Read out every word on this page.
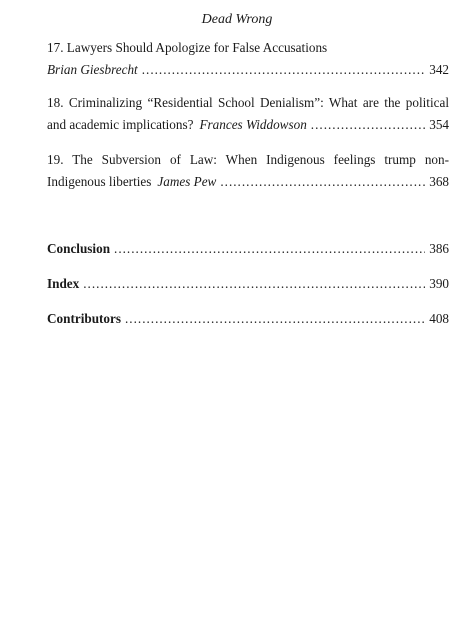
Dead Wrong
17. Lawyers Should Apologize for False Accusations
Brian Giesbrecht .....	342
18. Criminalizing “Residential School Denialism”: What are the political
and academic implications? Frances Widdowson .....	354
19. The Subversion of Law: When Indigenous feelings trump non-
Indigenous liberties James Pew .....	368
Conclusion .....	386
Index .....	390
Contributors .....	408
